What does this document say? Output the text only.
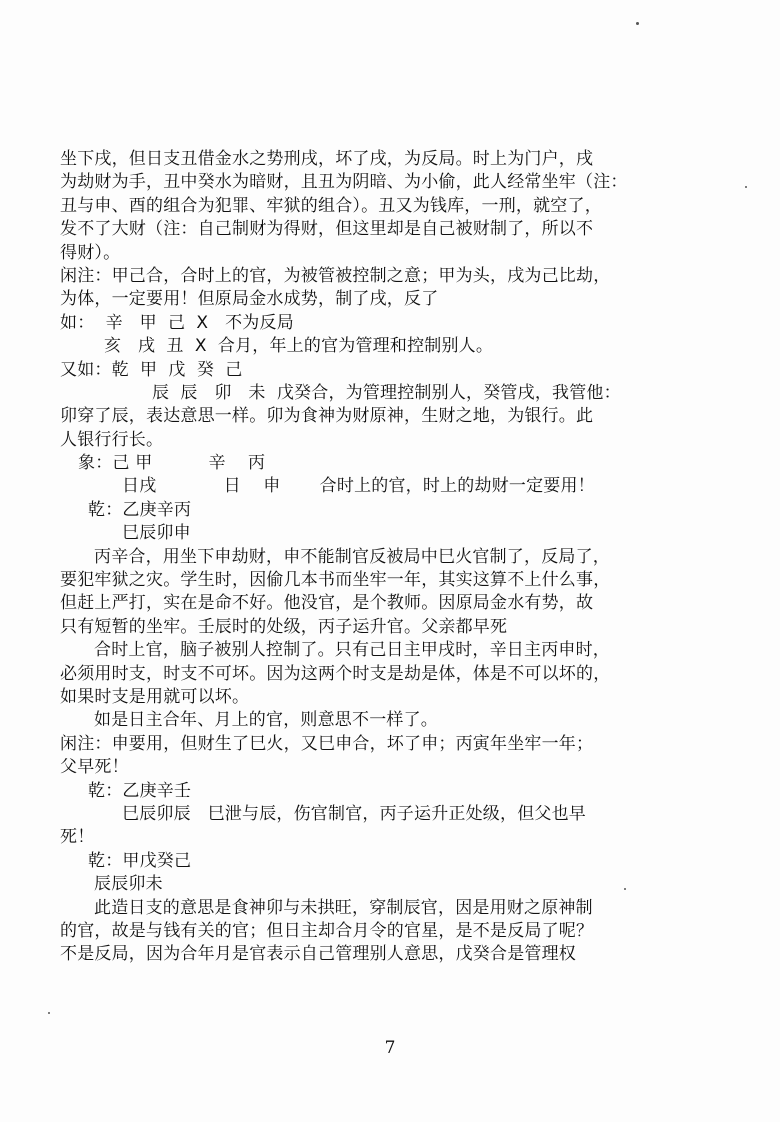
坐下戌，但日支丑借金水之势刑戌，坏了戌，为反局。时上为门户，戌
为劫财为手，丑中癸水为暗财，且丑为阴暗、为小偷，此人经常坐牢（注：
丑与申、酉的组合为犯罪、牢狱的组合）。丑又为钱库，一刑，就空了，
发不了大财（注：自己制财为得财，但这里却是自己被财制了，所以不
得财）。
闲注：甲己合，合时上的官，为被管被控制之意；甲为头，戌为己比劫，
为体，一定要用！但原局金水成势，制了戌，反了
如：  辛   甲  己  X   不为反局
亥   戌  丑  X  合月，年上的官为管理和控制别人。
又如：乾  甲  戊  癸  己
辰  辰   卯   未  戊癸合，为管理控制别人，癸管戌，我管他：
卯穿了辰，表达意思一样。卯为食神为财原神，生财之地，为银行。此
人银行行长。
象：己 甲          辛    丙
日戌            日    申       合时上的官，时上的劫财一定要用！
乾：乙庚辛丙
巳辰卯申
丙辛合，用坐下申劫财，申不能制官反被局中巳火官制了，反局了，
要犯牢狱之灾。学生时，因偷几本书而坐牢一年，其实这算不上什么事，
但赶上严打，实在是命不好。他没官，是个教师。因原局金水有势，故
只有短暂的坐牢。壬辰时的处级，丙子运升官。父亲都早死
合时上官，脑子被别人控制了。只有己日主甲戌时，辛日主丙申时，
必须用时支，时支不可坏。因为这两个时支是劫是体，体是不可以坏的，
如果时支是用就可以坏。
如是日主合年、月上的官，则意思不一样了。
闲注：申要用，但财生了巳火，又巳申合，坏了申；丙寅年坐牢一年；
父早死！
乾：乙庚辛壬
巳辰卯辰   巳泄与辰，伤官制官，丙子运升正处级，但父也早
死！
乾：甲戊癸己
辰辰卯未
此造日支的意思是食神卯与未拱旺，穿制辰官，因是用财之原神制
的官，故是与钱有关的官；但日主却合月令的官星，是不是反局了呢？
不是反局，因为合年月是官表示自己管理别人意思，戊癸合是管理权
7
